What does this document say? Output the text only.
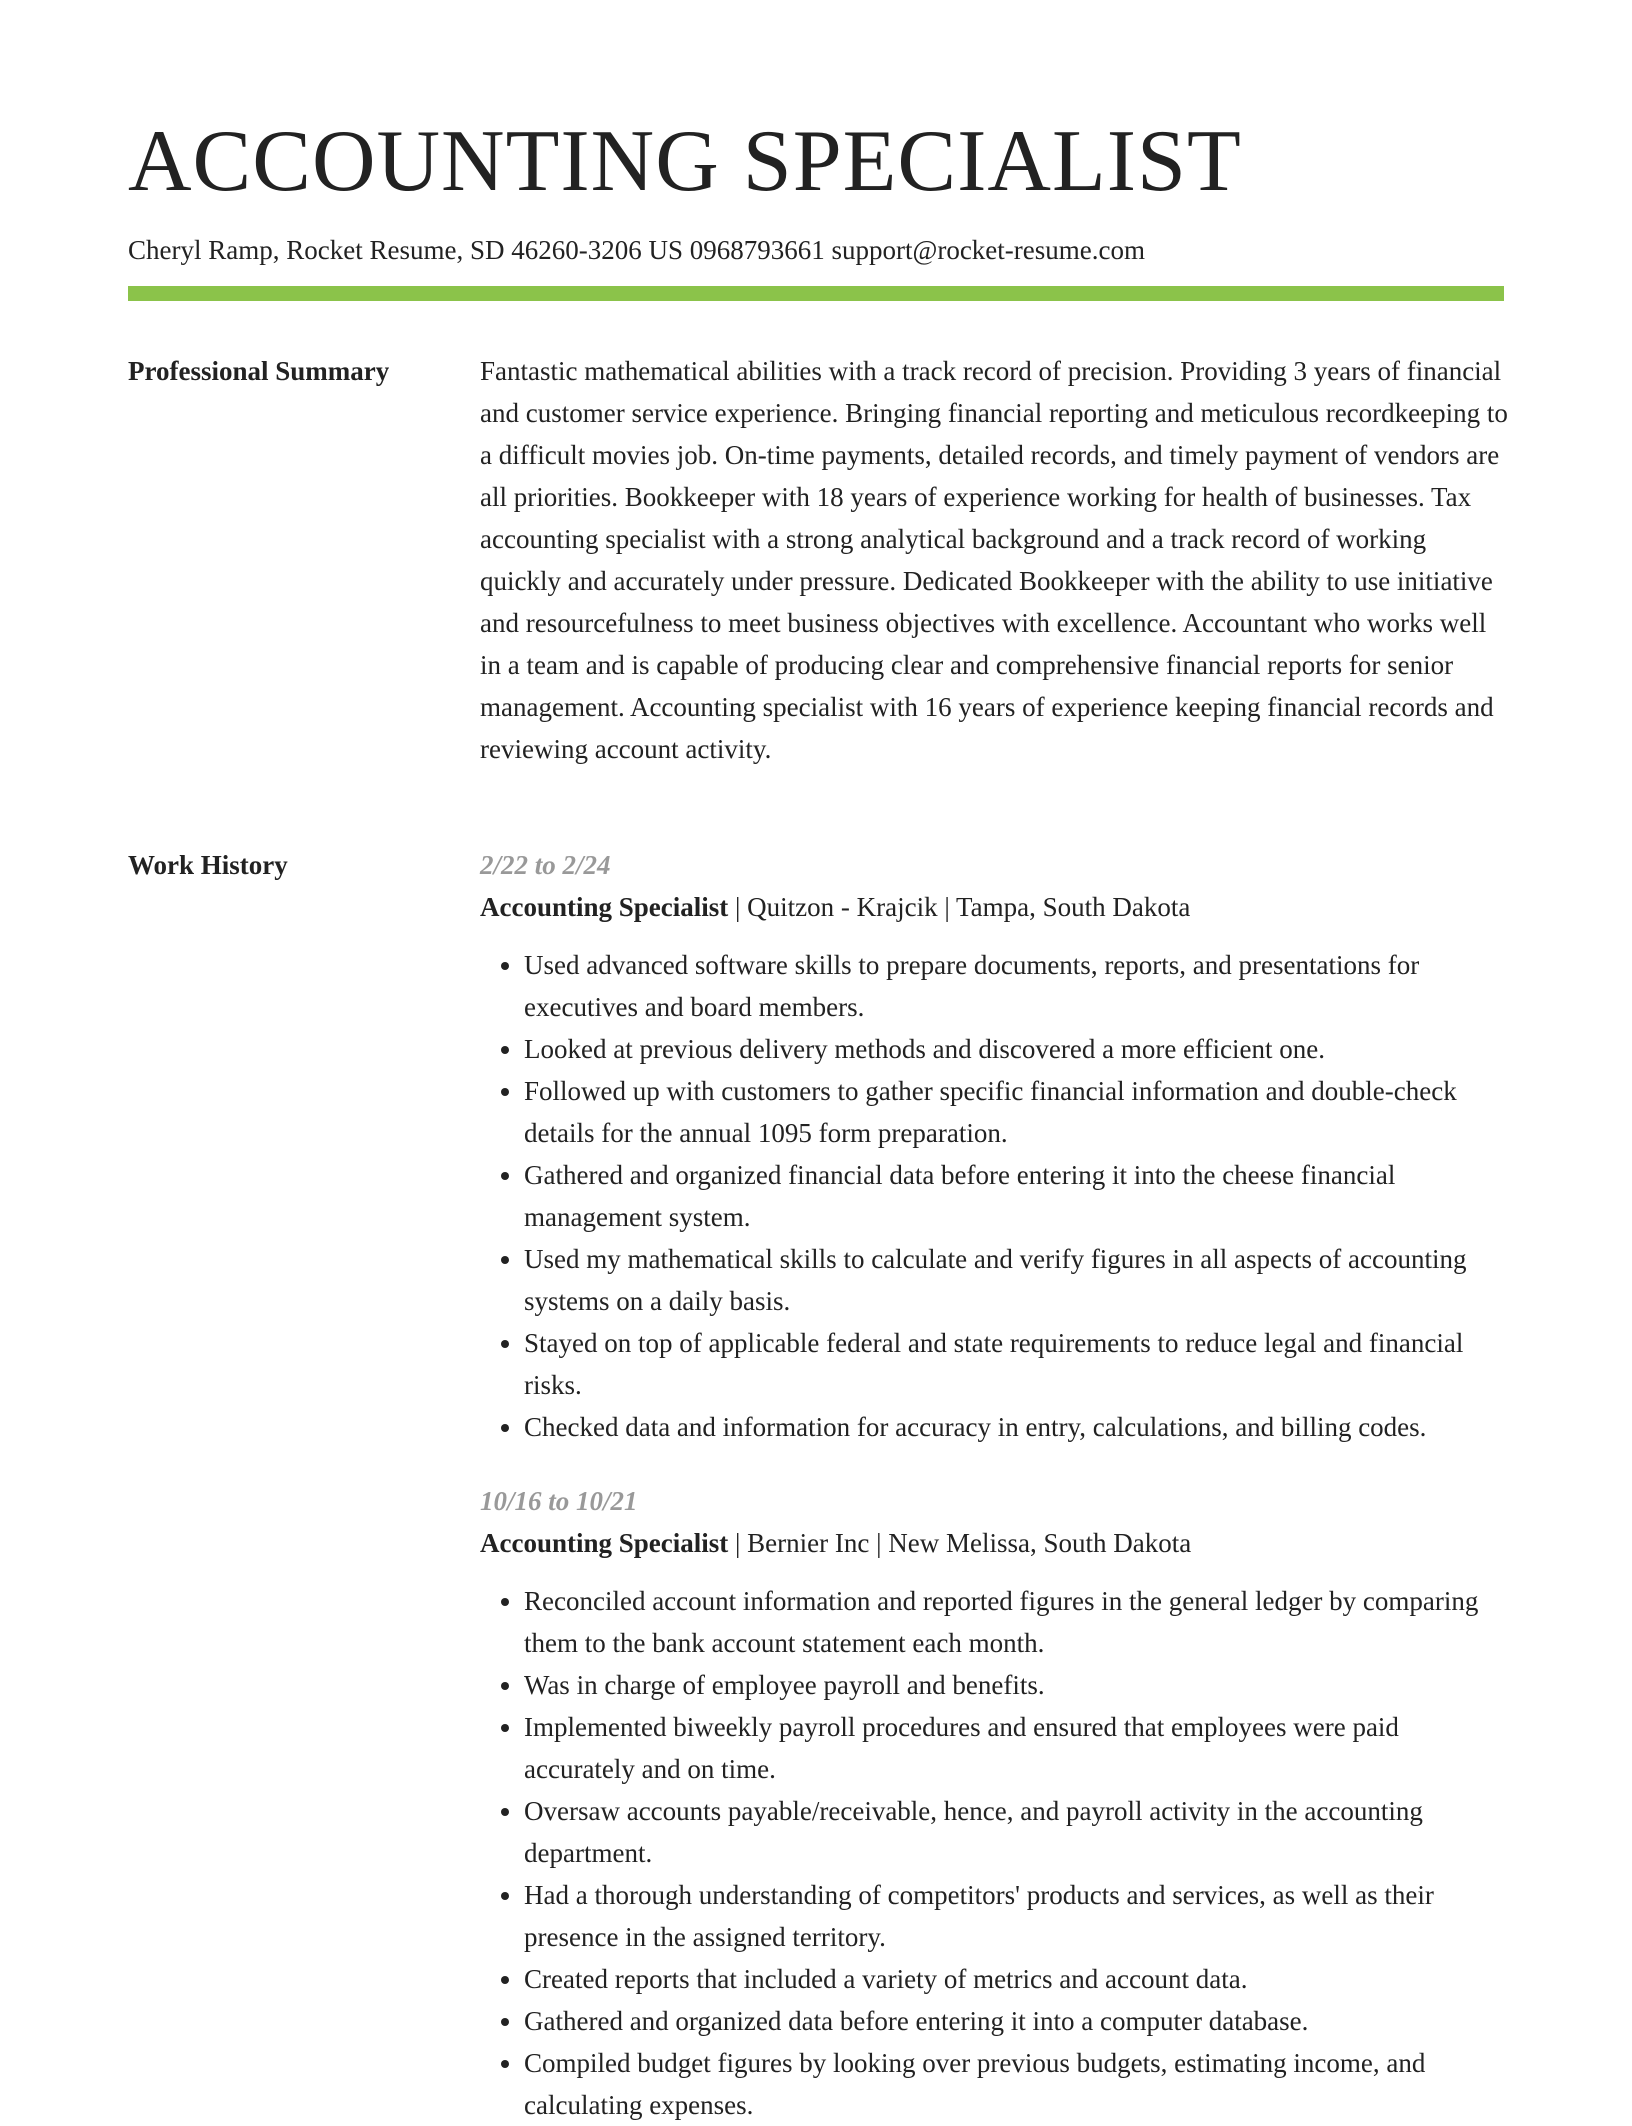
ACCOUNTING SPECIALIST
Cheryl Ramp, Rocket Resume, SD 46260-3206 US 0968793661 support@rocket-resume.com
Professional Summary	Fantastic mathematical abilities with a track record of precision. Providing 3 years of financial and customer service experience. Bringing financial reporting and meticulous recordkeeping to a difficult movies job. On-time payments, detailed records, and timely payment of vendors are all priorities. Bookkeeper with 18 years of experience working for health of businesses. Tax accounting specialist with a strong analytical background and a track record of working quickly and accurately under pressure. Dedicated Bookkeeper with the ability to use initiative and resourcefulness to meet business objectives with excellence. Accountant who works well in a team and is capable of producing clear and comprehensive financial reports for senior management. Accounting specialist with 16 years of experience keeping financial records and reviewing account activity.

Work History	2/22 to 2/24
Accounting Specialist | Quitzon - Krajcik | Tampa, South Dakota
• Used advanced software skills to prepare documents, reports, and presentations for executives and board members.
• Looked at previous delivery methods and discovered a more efficient one.
• Followed up with customers to gather specific financial information and double-check details for the annual 1095 form preparation.
• Gathered and organized financial data before entering it into the cheese financial management system.
• Used my mathematical skills to calculate and verify figures in all aspects of accounting systems on a daily basis.
• Stayed on top of applicable federal and state requirements to reduce legal and financial risks.
• Checked data and information for accuracy in entry, calculations, and billing codes.
10/16 to 10/21
Accounting Specialist | Bernier Inc | New Melissa, South Dakota
• Reconciled account information and reported figures in the general ledger by comparing them to the bank account statement each month.
• Was in charge of employee payroll and benefits.
• Implemented biweekly payroll procedures and ensured that employees were paid accurately and on time.
• Oversaw accounts payable/receivable, hence, and payroll activity in the accounting department.
• Had a thorough understanding of competitors' products and services, as well as their presence in the assigned territory.
• Created reports that included a variety of metrics and account data.
• Gathered and organized data before entering it into a computer database.
• Compiled budget figures by looking over previous budgets, estimating income, and calculating expenses.
